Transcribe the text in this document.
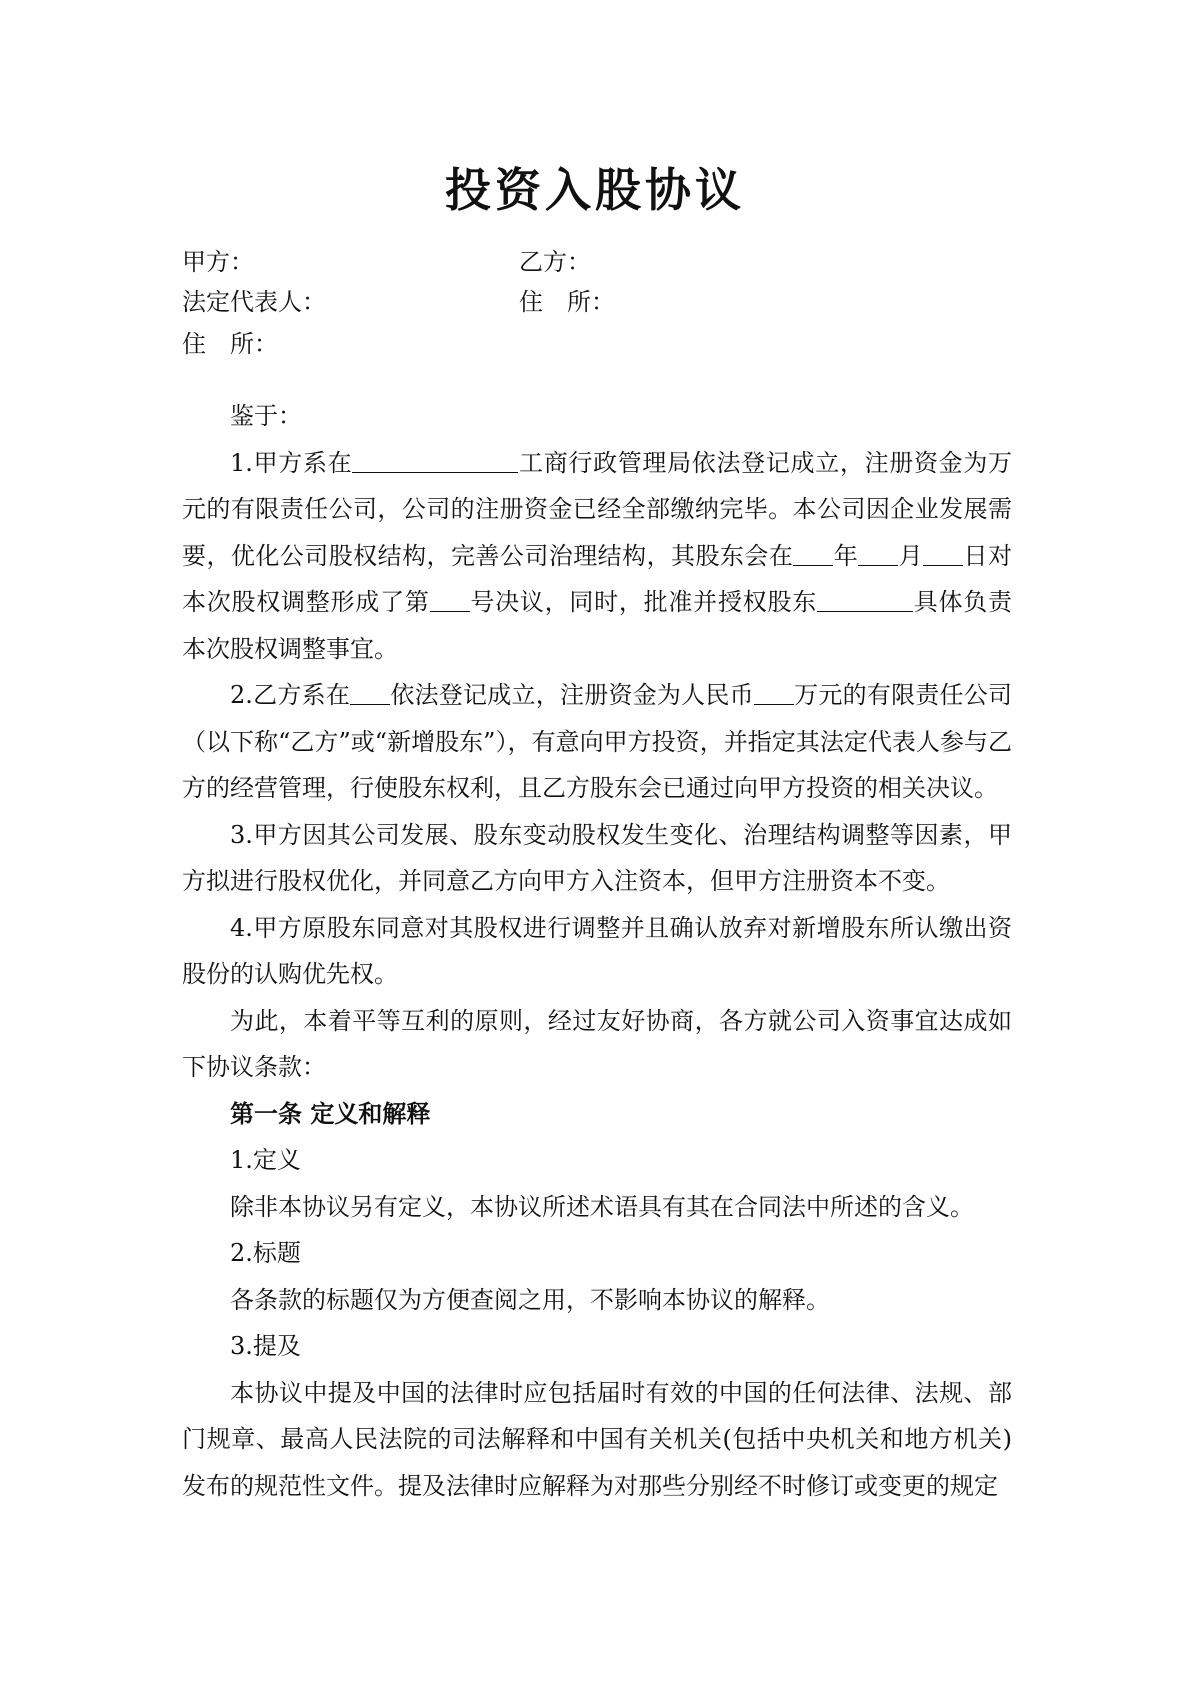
投资入股协议
甲方：	乙方：
法定代表人：	住　所：
住　所：

鉴于：

1.甲方系在	工商行政管理局依法登记成立，注册资金为万元的有限责任公司，公司的注册资金已经全部缴纳完毕。本公司因企业发展需要，优化公司股权结构，完善公司治理结构，其股东会在 年 月 日对本次股权调整形成了第 号决议，同时，批准并授权股东	具体负责本次股权调整事宜。

2.乙方系在 依法登记成立，注册资金为人民币 万元的有限责任公司（以下称“乙方”或“新增股东”），有意向甲方投资，并指定其法定代表人参与乙方的经营管理，行使股东权利，且乙方股东会已通过向甲方投资的相关决议。

3.甲方因其公司发展、股东变动股权发生变化、治理结构调整等因素，甲方拟进行股权优化，并同意乙方向甲方入注资本，但甲方注册资本不变。

4.甲方原股东同意对其股权进行调整并且确认放弃对新增股东所认缴出资股份的认购优先权。

为此，本着平等互利的原则，经过友好协商，各方就公司入资事宜达成如下协议条款：

第一条 定义和解释

1.定义

除非本协议另有定义，本协议所述术语具有其在合同法中所述的含义。

2.标题

各条款的标题仅为方便查阅之用，不影响本协议的解释。

3.提及

本协议中提及中国的法律时应包括届时有效的中国的任何法律、法规、部门规章、最高人民法院的司法解释和中国有关机关(包括中央机关和地方机关)发布的规范性文件。提及法律时应解释为对那些分别经不时修订或变更的规定
